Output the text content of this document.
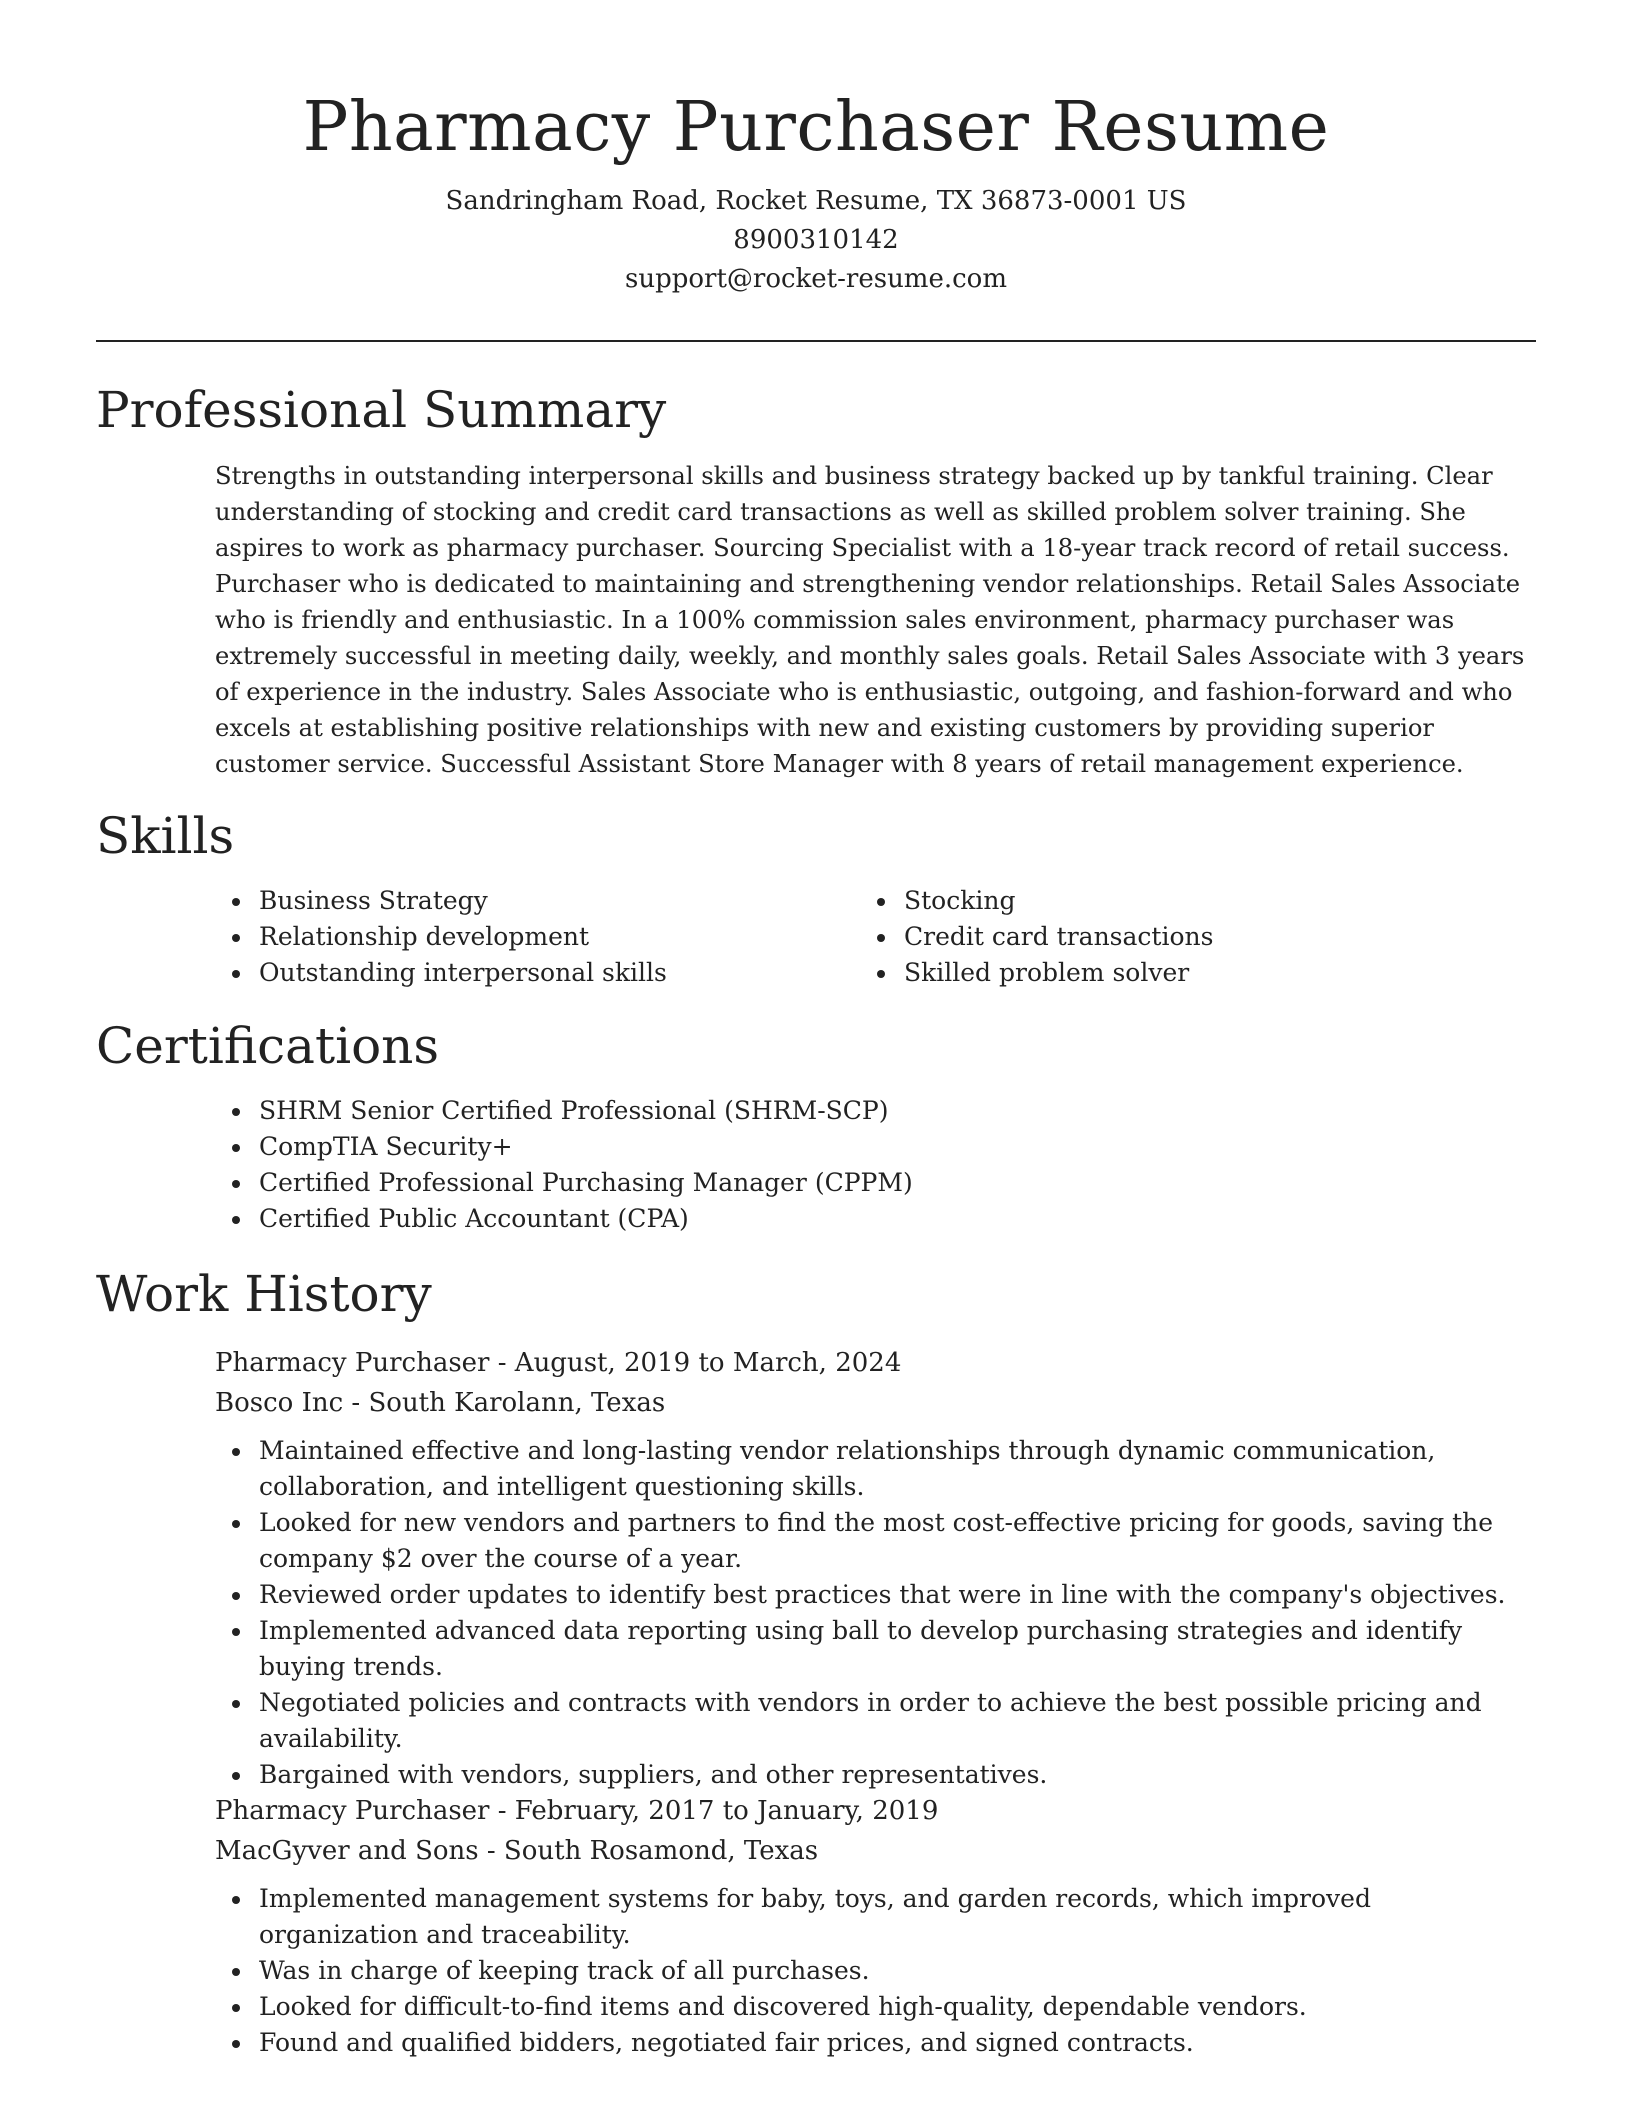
Pharmacy Purchaser Resume

Sandringham Road, Rocket Resume, TX 36873-0001 US

8900310142

support@rocket-resume.com

Professional Summary

Strengths in outstanding interpersonal skills and business strategy backed up by tankful training. Clear understanding of stocking and credit card transactions as well as skilled problem solver training. She aspires to work as pharmacy purchaser. Sourcing Specialist with a 18-year track record of retail success. Purchaser who is dedicated to maintaining and strengthening vendor relationships. Retail Sales Associate who is friendly and enthusiastic. In a 100% commission sales environment, pharmacy purchaser was extremely successful in meeting daily, weekly, and monthly sales goals. Retail Sales Associate with 3 years of experience in the industry. Sales Associate who is enthusiastic, outgoing, and fashion-forward and who excels at establishing positive relationships with new and existing customers by providing superior customer service. Successful Assistant Store Manager with 8 years of retail management experience.

Skills
Business Strategy
Relationship development
Outstanding interpersonal skills
Stocking
Credit card transactions
Skilled problem solver
Certifications
SHRM Senior Certified Professional (SHRM-SCP)
CompTIA Security+
Certified Professional Purchasing Manager (CPPM)
Certified Public Accountant (CPA)
Work History

Pharmacy Purchaser - August, 2019 to March, 2024

Bosco Inc - South Karolann, Texas

Maintained effective and long-lasting vendor relationships through dynamic communication, collaboration, and intelligent questioning skills.
Looked for new vendors and partners to find the most cost-effective pricing for goods, saving the company $2 over the course of a year.
Reviewed order updates to identify best practices that were in line with the company's objectives.
Implemented advanced data reporting using ball to develop purchasing strategies and identify buying trends.
Negotiated policies and contracts with vendors in order to achieve the best possible pricing and availability.
Bargained with vendors, suppliers, and other representatives.

Pharmacy Purchaser - February, 2017 to January, 2019

MacGyver and Sons - South Rosamond, Texas

Implemented management systems for baby, toys, and garden records, which improved organization and traceability.
Was in charge of keeping track of all purchases.
Looked for difficult-to-find items and discovered high-quality, dependable vendors.
Found and qualified bidders, negotiated fair prices, and signed contracts.
